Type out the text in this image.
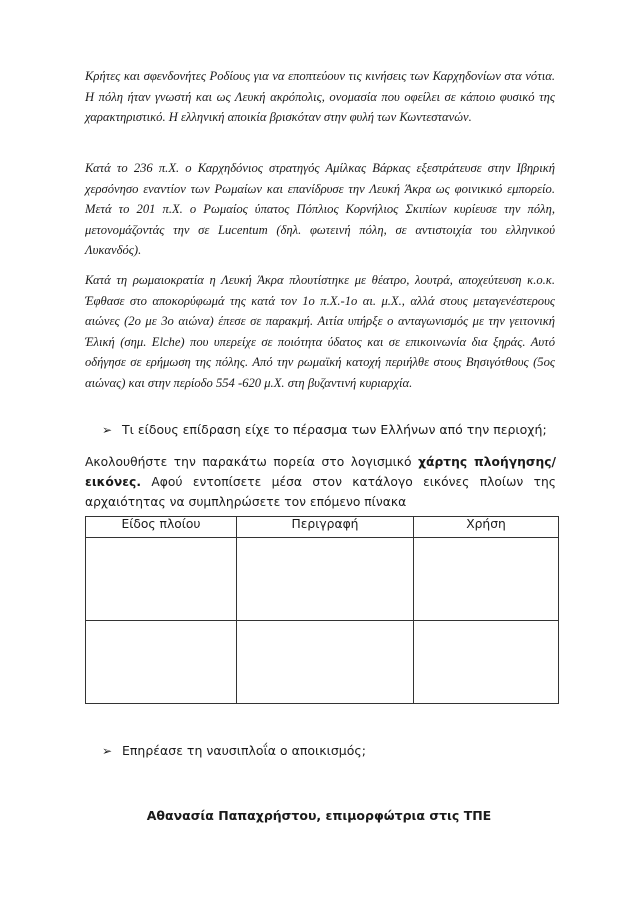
Κρήτες και σφενδονήτες Ροδίους για να εποπτεύουν τις κινήσεις των Καρχηδονίων στα νότια. Η πόλη ήταν γνωστή και ως Λευκή ακρόπολις, ονομασία που οφείλει σε κάποιο φυσικό της χαρακτηριστικό. Η ελληνική αποικία βρισκόταν στην φυλή των Κωντεστανών.

Κατά το 236 π.Χ. ο Καρχηδόνιος στρατηγός Αμίλκας Βάρκας εξεστράτευσε στην Ιβηρική χερσόνησο εναντίον των Ρωμαίων και επανίδρυσε την Λευκή Άκρα ως φοινικικό εμπορείο. Μετά το 201 π.Χ. ο Ρωμαίος ύπατος Πόπλιος Κορνήλιος Σκιπίων κυρίευσε την πόλη, μετονομάζοντάς την σε Lucentum (δηλ. φωτεινή πόλη, σε αντιστοιχία του ελληνικού Λυκανδός).

Κατά τη ρωμαιοκρατία η Λευκή Άκρα πλουτίστηκε με θέατρο, λουτρά, αποχεύτευση κ.ο.κ. Έφθασε στο αποκορύφωμά της κατά τον 1ο π.Χ.-1ο αι. μ.Χ., αλλά στους μεταγενέστερους αιώνες (2ο με 3ο αιώνα) έπεσε σε παρακμή. Αιτία υπήρξε ο ανταγωνισμός με την γειτονική Έλική (σημ. Elche) που υπερείχε σε ποιότητα ύδατος και σε επικοινωνία δια ξηράς. Αυτό οδήγησε σε ερήμωση της πόλης. Από την ρωμαϊκή κατοχή περιήλθε στους Βησιγότθους (5ος αιώνας) και στην περίοδο 554 -620 μ.Χ. στη βυζαντινή κυριαρχία.

➢ Τι είδους επίδραση είχε το πέρασμα των Ελλήνων από την περιοχή;

Ακολουθήστε την παρακάτω πορεία στο λογισμικό χάρτης πλοήγησης/εικόνες. Αφού εντοπίσετε μέσα στον κατάλογο εικόνες πλοίων της αρχαιότητας να συμπληρώσετε τον επόμενο πίνακα

Είδος πλοίου	Περιγραφή	Χρήση

➢ Επηρέασε τη ναυσιπλοΐα ο αποικισμός;
Αθανασία Παπαχρήστου, επιμορφώτρια στις ΤΠΕ
